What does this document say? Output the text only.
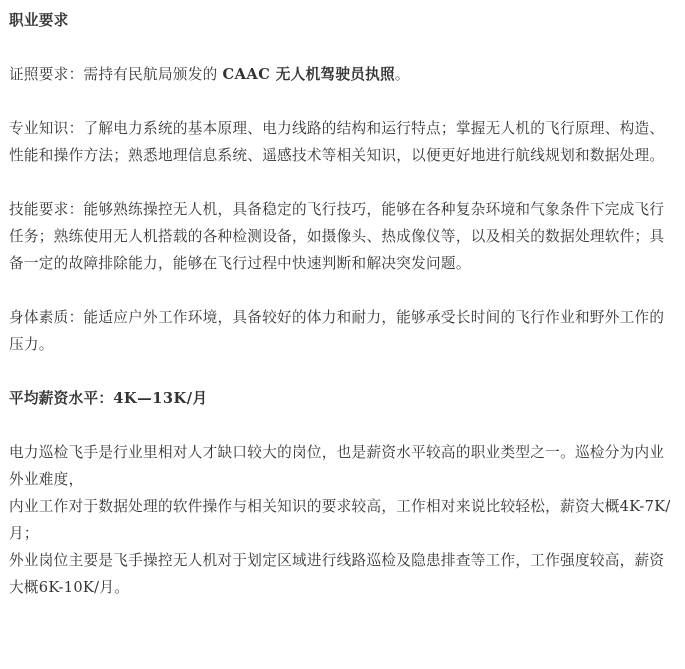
职业要求

证照要求：需持有民航局颁发的 CAAC 无人机驾驶员执照。

专业知识：了解电力系统的基本原理、电力线路的结构和运行特点；掌握无人机的飞行原理、构造、性能和操作方法；熟悉地理信息系统、遥感技术等相关知识，以便更好地进行航线规划和数据处理。

技能要求：能够熟练操控无人机，具备稳定的飞行技巧，能够在各种复杂环境和气象条件下完成飞行任务；熟练使用无人机搭载的各种检测设备，如摄像头、热成像仪等，以及相关的数据处理软件；具备一定的故障排除能力，能够在飞行过程中快速判断和解决突发问题。

身体素质：能适应户外工作环境，具备较好的体力和耐力，能够承受长时间的飞行作业和野外工作的压力。

平均薪资水平：4K—13K/月

电力巡检飞手是行业里相对人才缺口较大的岗位，也是薪资水平较高的职业类型之一。巡检分为内业外业难度，
内业工作对于数据处理的软件操作与相关知识的要求较高，工作相对来说比较轻松，薪资大概4K-7K/月；
外业岗位主要是飞手操控无人机对于划定区域进行线路巡检及隐患排查等工作，工作强度较高，薪资大概6K-10K/月。
